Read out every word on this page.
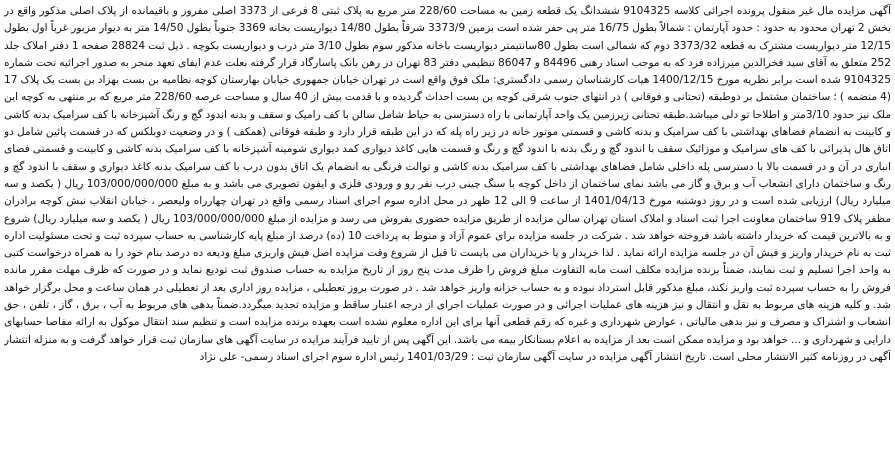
آگهی مزایده مال غیر منقول پرونده اجرائی کلاسه 9104325 ششدانگ یک قطعه زمین به مساحت 228/60 متر مربع به پلاک ثبتی 8 فرعی از 3373 اصلی مفروز و باقیمانده از پلاک اصلی مذکور واقع در بخش 2 تهران محدود به حدود : حدود آپارتمان : شمالاً بطول 16/75 متر پی حفر شده است بزمین 3373/9 شرقاً بطول 14/80 دیواریست بخانه 3369 جنوباً بطول 14/50 متر به دیوار مزبور غرباً اول بطول 12/15 متر دیواریست مشترک به قطعه 3373/32 دوم که شمالی است بطول 80سانتیمتر دیواریست باخانه مذکور سوم بطول 3/10 متر درب و دیواریست بکوچه . ذیل ثبت 28824 صفحه 1 دفتر املاک جلد 252 متعلق به آقای سید فخرالدین میرزاده فرد که به موجب اسناد رهنی 84496 و 86047 تنظیمی دفتر 83 تهران در رهن بانک پاسارگاد قرار گرفته بعلت عدم ایفای تعهد منجر به صدور اجرائیه تحت شماره 9104325 شده است برابر نظریه مورخ 1400/12/15 هیات کارشناسان رسمی دادگستری: ملک فوق واقع است در تهران خیابان جمهوری خیابان بهارستان کوچه نظامیه بن بست بهزاد بن بست یک پلاک 17 (4 منضمه ) ؛ ساختمان مشتمل بر دوطبقه (تحتانی و فوقانی ) در انتهای جنوب شرقی کوچه بن بست احداث گردیده و با قدمت بیش از 40 سال و مساحت عرصه 228/60 متر مربع که بر منتهی به کوچه این ملک نیز حدود 3/10متر و اطلاحا تو دلی میباشد.طبقه تحتانی زیرزمین یک واحد آپارتمانی با راه دسترسی به حیاط شامل سالن با کف رامیک و سقف و بدنه اندود گچ و رنگ آشپزخانه با کف سرامیک بدنه کاشی و کابینت به انضمام فضاهای بهداشتی با کف سرامیک و بدنه کاشی و قسمتی موتور خانه در زیر راه پله که در این طبقه قرار دارد و طبقه فوقانی (همکف ) و در وضعیت دوبلکس که در قسمت پائین شامل دو اتاق هال پذیرائی با کف های سرامیک و موزائیک سقف با اندود گچ و رنگ بدنه با اندود گچ و رنگ و قسمت هایی کاغذ دیواری کمد دیواری شومینه آشپزخانه با کف سرامیک بدنه کاشی و کابینت و قسمتی فضای انباری در آن و در قسمت بالا با دسترسی پله داخلی شامل فضاهای بهداشتی با کف سرامیک بدنه کاشی و توالت فرنگی به انضمام یک اتاق بدون درب با کف سرامیک بدنه کاغذ دیواری و سقف با اندود گچ و رنگ و ساختمان دارای انشعاب آب و برق و گاز می باشد نمای ساختمان از داخل کوچه با سنگ چینی درب نفر رو و ورودی فلزی و ایفون تصویری می باشد و به مبلغ 103/000/000/000 ریال ( یکصد و سه میلیارد ریال) ارزیابی شده است و در روز دوشنبه مورخ 1401/04/13 از ساعت 9 الی 12 ظهر در محل اداره سوم اجرای اسناد رسمی واقع در تهران چهارراه ولیعصر ، خیابان انقلاب نبش کوچه برادران مظفر پلاک 919 ساختمان معاونت اجرا ثبت اسناد و املاک استان تهران سالن مزایده از طریق مزایده حضوری بفروش می رسد و مزایده از مبلغ 103/000/000/000 ریال ( یکصد و سه میلیارد ریال) شروع و به بالاترین قیمت که خریدار داشته باشد فروخته خواهد شد . شرکت در جلسه مزایده برای عموم آزاد و منوط به پرداخت 10 (ده) درصد از مبلغ پایه کارشناسی به حساب سپرده ثبت و تحت مسئولیت اداره ثبت به نام خریدار واریز و فیش آن در جلسه مزایده ارائه نماید . لذا خریدار و یا خریداران می بایست تا قبل از شروع وقت مزایده اصل فیش واریزی مبلغ ودیعه ده درصد بنام خود را به همراه درخواست کتبی به واحد اجرا تسلیم و ثبت نمایند، ضمناً برنده مزایده مکلف است مابه التفاوت مبلغ فروش را ظرف مدت پنج روز از تاریخ مزایده به حساب صندوق ثبت تودیع نماید و در صورت که ظرف مهلت مقرر مانده فروش را به حساب سپرده ثبت واریز نکند، مبلغ مذکور قابل استرداد نبوده و به حساب خزانه واریز خواهد شد . در صورت بروز تعطیلی ، مزایده روز اداری بعد از تعطیلی در همان ساعت و محل برگزار خواهد شد. و کلیه هزینه های مربوط به نقل و انتقال و نیز هزینه های عملیات اجرائی و در صورت عملیات اجرای از درجه اعتبار ساقط و مزایده تجدید میگردد.ضمناً بدهی های مربوط به آب ، برق ، گاز ، تلفن ، حق انشعاب و اشتراک و مصرف و نیز بدهی مالیاتی ، عوارض شهرداری و غیره که رقم قطعی آنها برای این اداره معلوم نشده است بعهده برنده مزایده است و تنظیم سند انتقال موکول به ارائه مفاصا حسابهای دارایی و شهرداری و ... خواهد بود و مزایده ممکن است بعد از مزایده به اعلام بستانکار بیمه می باشد. این آگهی پس از تایید فرآیند مزایده در سایت آگهی های سازمان ثبت قرار خواهد گرفت و به منزله انتشار آگهی در روزنامه کثیر الانتشار محلی است. تاریخ انتشار آگهی مزایده در سایت آگهی سازمان ثبت : 1401/03/29 رئیس اداره سوم اجرای اسناد رسمی- علی نژاد
